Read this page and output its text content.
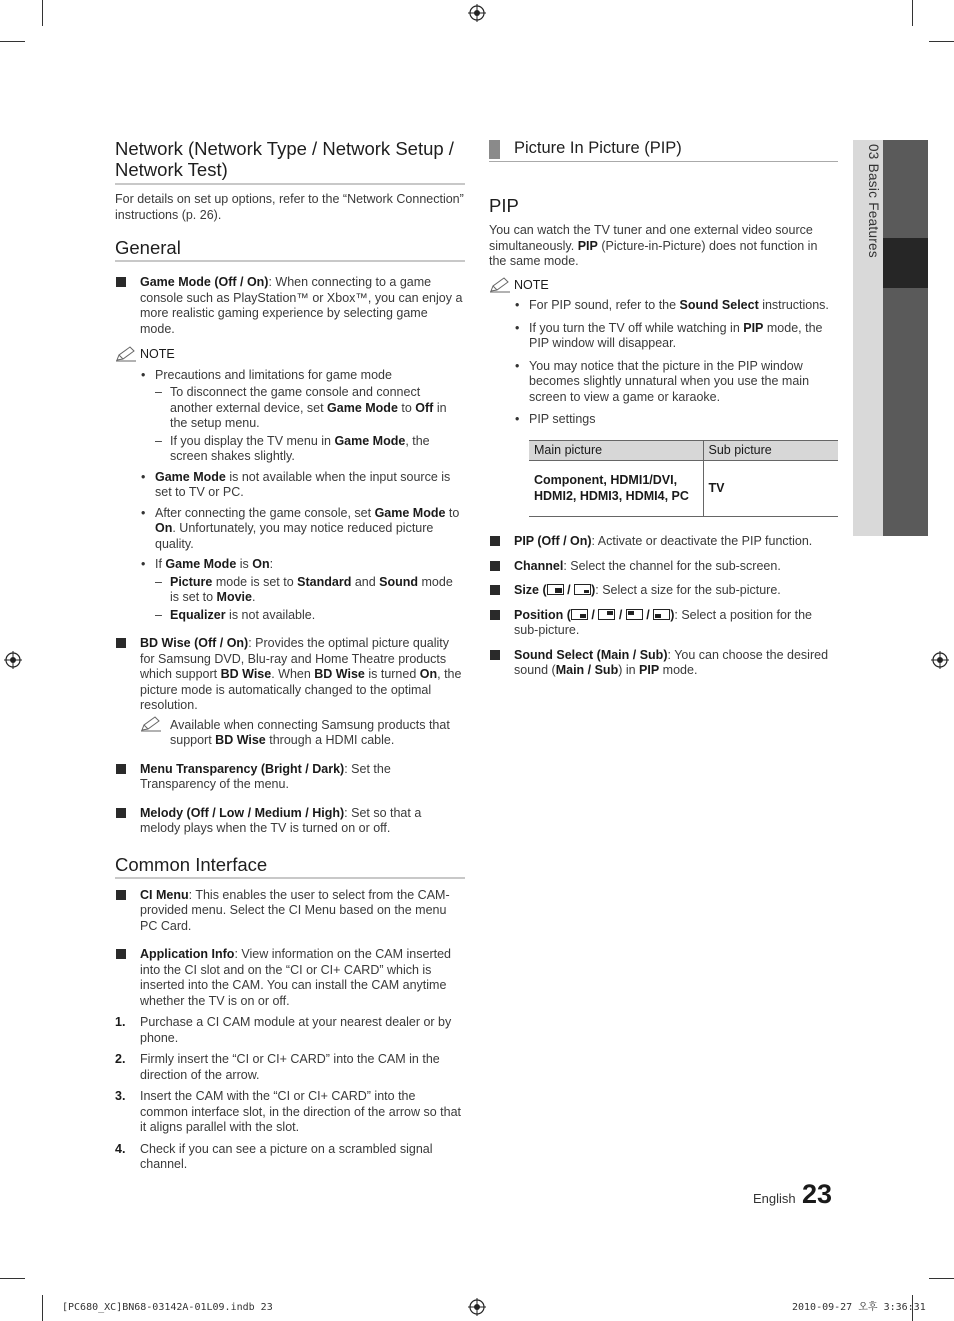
03 Basic Features
Network (Network Type / Network Setup / Network Test)
For details on set up options, refer to the “Network Connection” instructions (p. 26).
General
Game Mode (Off / On): When connecting to a game console such as PlayStation™ or Xbox™, you can enjoy a more realistic gaming experience by selecting game mode.
NOTE
• Precautions and limitations for game mode
– To disconnect the game console and connect another external device, set Game Mode to Off in the setup menu.
– If you display the TV menu in Game Mode, the screen shakes slightly.
• Game Mode is not available when the input source is set to TV or PC.
• After connecting the game console, set Game Mode to On. Unfortunately, you may notice reduced picture quality.
• If Game Mode is On:
– Picture mode is set to Standard and Sound mode is set to Movie.
– Equalizer is not available.
BD Wise (Off / On): Provides the optimal picture quality for Samsung DVD, Blu-ray and Home Theatre products which support BD Wise. When BD Wise is turned On, the picture mode is automatically changed to the optimal resolution.
Available when connecting Samsung products that support BD Wise through a HDMI cable.
Menu Transparency (Bright / Dark): Set the Transparency of the menu.
Melody (Off / Low / Medium / High): Set so that a melody plays when the TV is turned on or off.
Common Interface
CI Menu: This enables the user to select from the CAM-provided menu. Select the CI Menu based on the menu PC Card.
Application Info: View information on the CAM inserted into the CI slot and on the “CI or CI+ CARD” which is inserted into the CAM. You can install the CAM anytime whether the TV is on or off.
1. Purchase a CI CAM module at your nearest dealer or by phone.
2. Firmly insert the “CI or CI+ CARD” into the CAM in the direction of the arrow.
3. Insert the CAM with the “CI or CI+ CARD” into the common interface slot, in the direction of the arrow so that it aligns parallel with the slot.
4. Check if you can see a picture on a scrambled signal channel.
Picture In Picture (PIP)
PIP
You can watch the TV tuner and one external video source simultaneously. PIP (Picture-in-Picture) does not function in the same mode.
NOTE
• For PIP sound, refer to the Sound Select instructions.
• If you turn the TV off while watching in PIP mode, the PIP window will disappear.
• You may notice that the picture in the PIP window becomes slightly unnatural when you use the main screen to view a game or karaoke.
• PIP settings
Main picture	Sub picture
Component, HDMI1/DVI, HDMI2, HDMI3, HDMI4, PC	TV
PIP (Off / On): Activate or deactivate the PIP function.
Channel: Select the channel for the sub-screen.
Size (
/
): Select a size for the sub-picture.
Position (
/
/
/
): Select a position for the sub-picture.
Sound Select (Main / Sub): You can choose the desired sound (Main / Sub) in PIP mode.
English 23
[PC680_XC]BN68-03142A-01L09.indb 23	2010-09-27 오후 3:36:31
